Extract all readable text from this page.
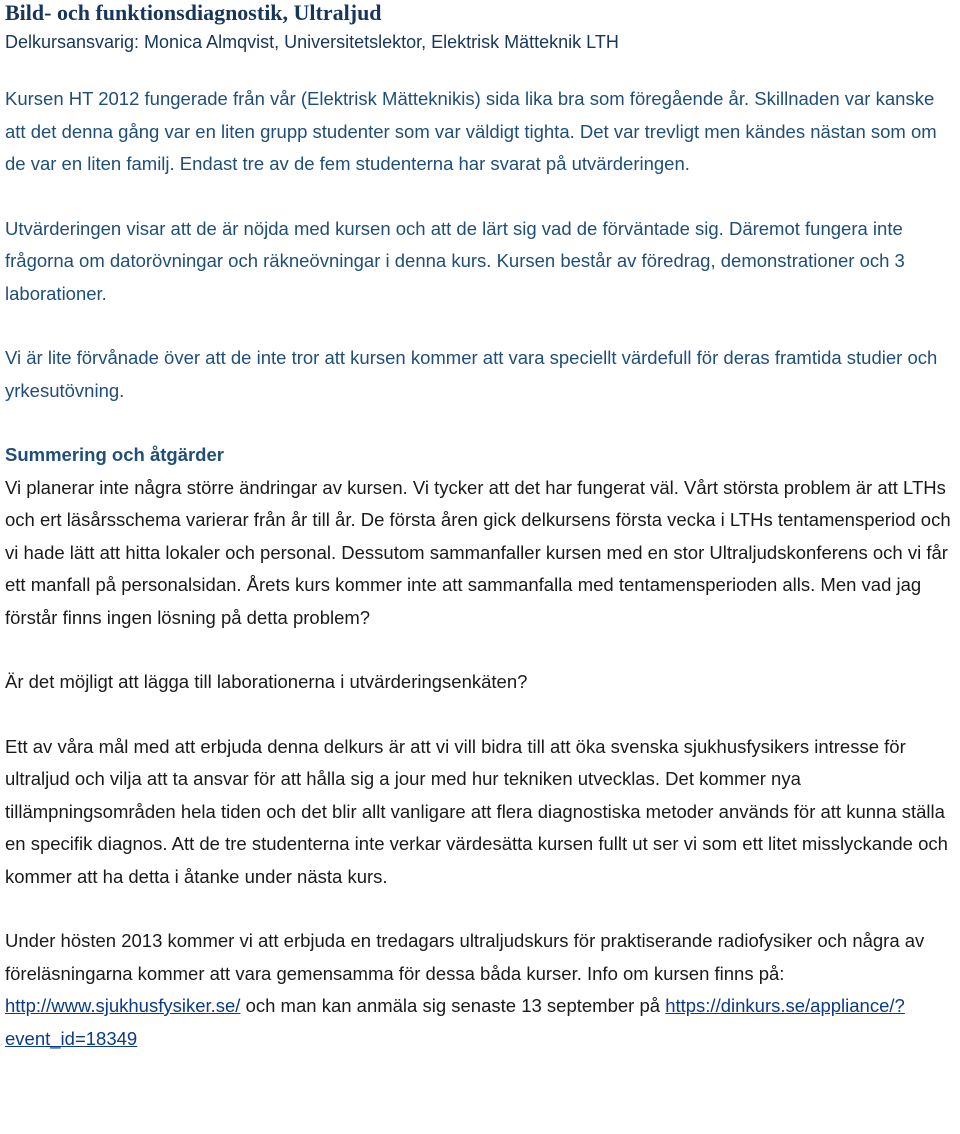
Bild- och funktionsdiagnostik, Ultraljud
Delkursansvarig: Monica Almqvist, Universitetslektor, Elektrisk Mätteknik LTH

Kursen HT 2012 fungerade från vår (Elektrisk Mätteknikis) sida lika bra som föregående år. Skillnaden var kanske att det denna gång var en liten grupp studenter som var väldigt tighta. Det var trevligt men kändes nästan som om de var en liten familj. Endast tre av de fem studenterna har svarat på utvärderingen.

Utvärderingen visar att de är nöjda med kursen och att de lärt sig vad de förväntade sig. Däremot fungera inte frågorna om datorövningar och räkneövningar i denna kurs. Kursen består av föredrag, demonstrationer och 3 laborationer.

Vi är lite förvånade över att de inte tror att kursen kommer att vara speciellt värdefull för deras framtida studier och yrkesutövning.

Summering och åtgärder

Vi planerar inte några större ändringar av kursen. Vi tycker att det har fungerat väl. Vårt största problem är att LTHs och ert läsårsschema varierar från år till år. De första åren gick delkursens första vecka i LTHs tentamensperiod och vi hade lätt att hitta lokaler och personal. Dessutom sammanfaller kursen med en stor Ultraljudskonferens och vi får ett manfall på personalsidan. Årets kurs kommer inte att sammanfalla med tentamensperioden alls. Men vad jag förstår finns ingen lösning på detta problem?

Är det möjligt att lägga till laborationerna i utvärderingsenkäten?

Ett av våra mål med att erbjuda denna delkurs är att vi vill bidra till att öka svenska sjukhusfysikers intresse för ultraljud och vilja att ta ansvar för att hålla sig a jour med hur tekniken utvecklas. Det kommer nya tillämpningsområden hela tiden och det blir allt vanligare att flera diagnostiska metoder används för att kunna ställa en specifik diagnos. Att de tre studenterna inte verkar värdesätta kursen fullt ut ser vi som ett litet misslyckande och kommer att ha detta i åtanke under nästa kurs.

Under hösten 2013 kommer vi att erbjuda en tredagars ultraljudskurs för praktiserande radiofysiker och några av föreläsningarna kommer att vara gemensamma för dessa båda kurser. Info om kursen finns på: http://www.sjukhusfysiker.se/ och man kan anmäla sig senaste 13 september på https://dinkurs.se/appliance/?event_id=18349
